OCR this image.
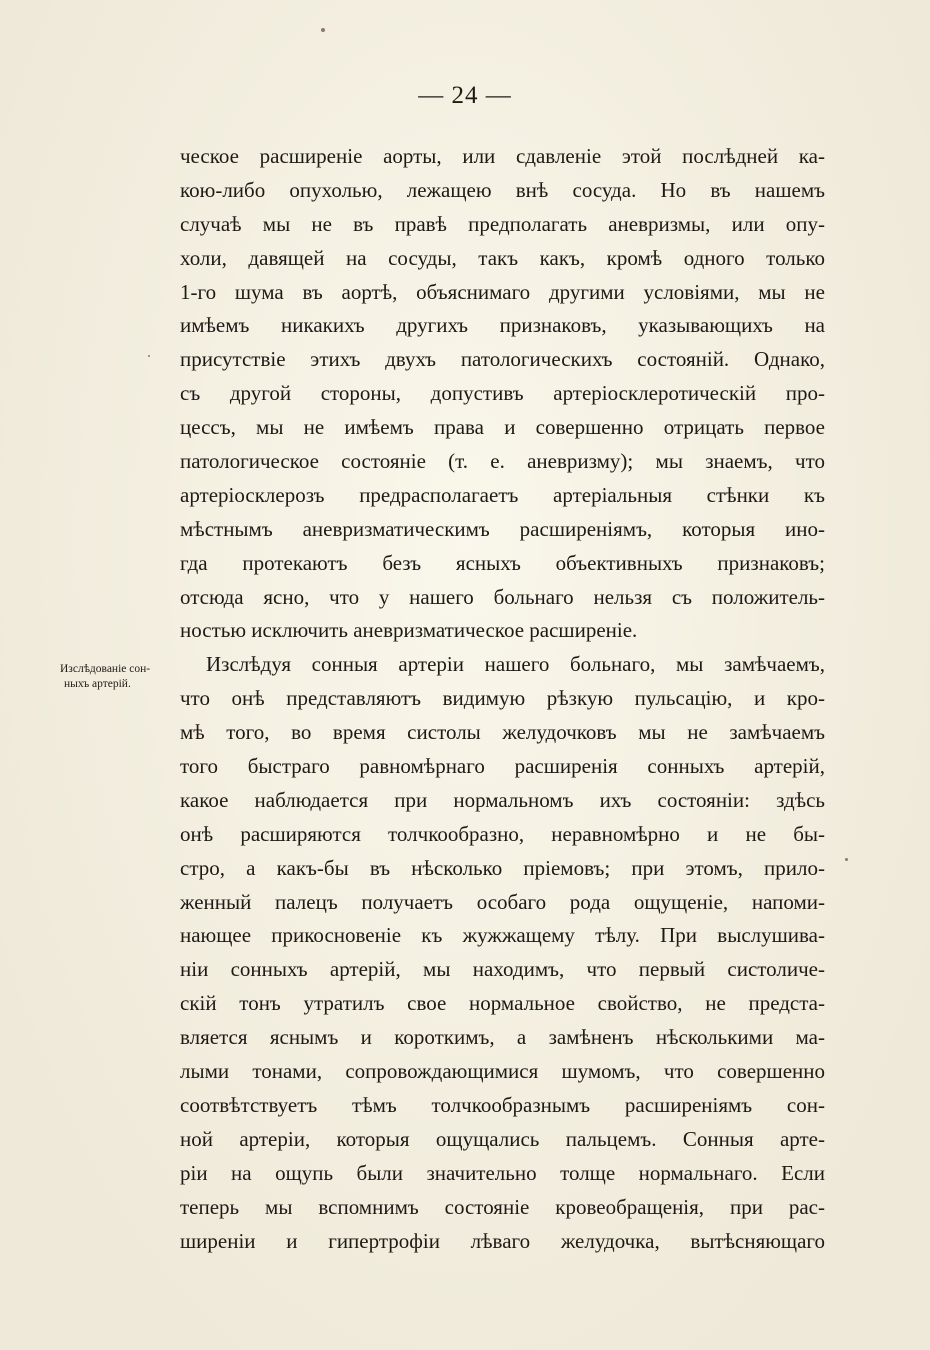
— 24 —
Изслѣдованіе сон-
ныхъ артерій.
ческое расширеніе аорты, или сдавленіе этой послѣдней ка-
кою-либо опухолью, лежащею внѣ сосуда. Но въ нашемъ
случаѣ мы не въ правѣ предполагать аневризмы, или опу-
холи, давящей на сосуды, такъ какъ, кромѣ одного только
1-го шума въ аортѣ, объяснимаго другими условіями, мы не
имѣемъ никакихъ другихъ признаковъ, указывающихъ на
присутствіе этихъ двухъ патологическихъ состояній. Однако,
съ другой стороны, допустивъ артеріосклеротическій про-
цессъ, мы не имѣемъ права и совершенно отрицать первое
патологическое состояніе (т. е. аневризму); мы знаемъ, что
артеріосклерозъ предрасполагаетъ артеріальныя стѣнки къ
мѣстнымъ аневризматическимъ расширеніямъ, которыя ино-
гда протекаютъ безъ ясныхъ объективныхъ признаковъ;
отсюда ясно, что у нашего больнаго нельзя съ положитель-
ностью исключить аневризматическое расширеніе.
Изслѣдуя сонныя артеріи нашего больнаго, мы замѣчаемъ,
что онѣ представляютъ видимую рѣзкую пульсацію, и кро-
мѣ того, во время систолы желудочковъ мы не замѣчаемъ
того быстраго равномѣрнаго расширенія сонныхъ артерій,
какое наблюдается при нормальномъ ихъ состояніи: здѣсь
онѣ расширяются толчкообразно, неравномѣрно и не бы-
стро, а какъ-бы въ нѣсколько пріемовъ; при этомъ, прило-
женный палецъ получаетъ особаго рода ощущеніе, напоми-
нающее прикосновеніе къ жужжащему тѣлу. При выслушива-
ніи сонныхъ артерій, мы находимъ, что первый систоличе-
скій тонъ утратилъ свое нормальное свойство, не предста-
вляется яснымъ и короткимъ, а замѣненъ нѣсколькими ма-
лыми тонами, сопровождающимися шумомъ, что совершенно
соотвѣтствуетъ тѣмъ толчкообразнымъ расширеніямъ сон-
ной артеріи, которыя ощущались пальцемъ. Сонныя арте-
ріи на ощупь были значительно толще нормальнаго. Если
теперь мы вспомнимъ состояніе кровеобращенія, при рас-
ширеніи и гипертрофіи лѣваго желудочка, вытѣсняющаго
